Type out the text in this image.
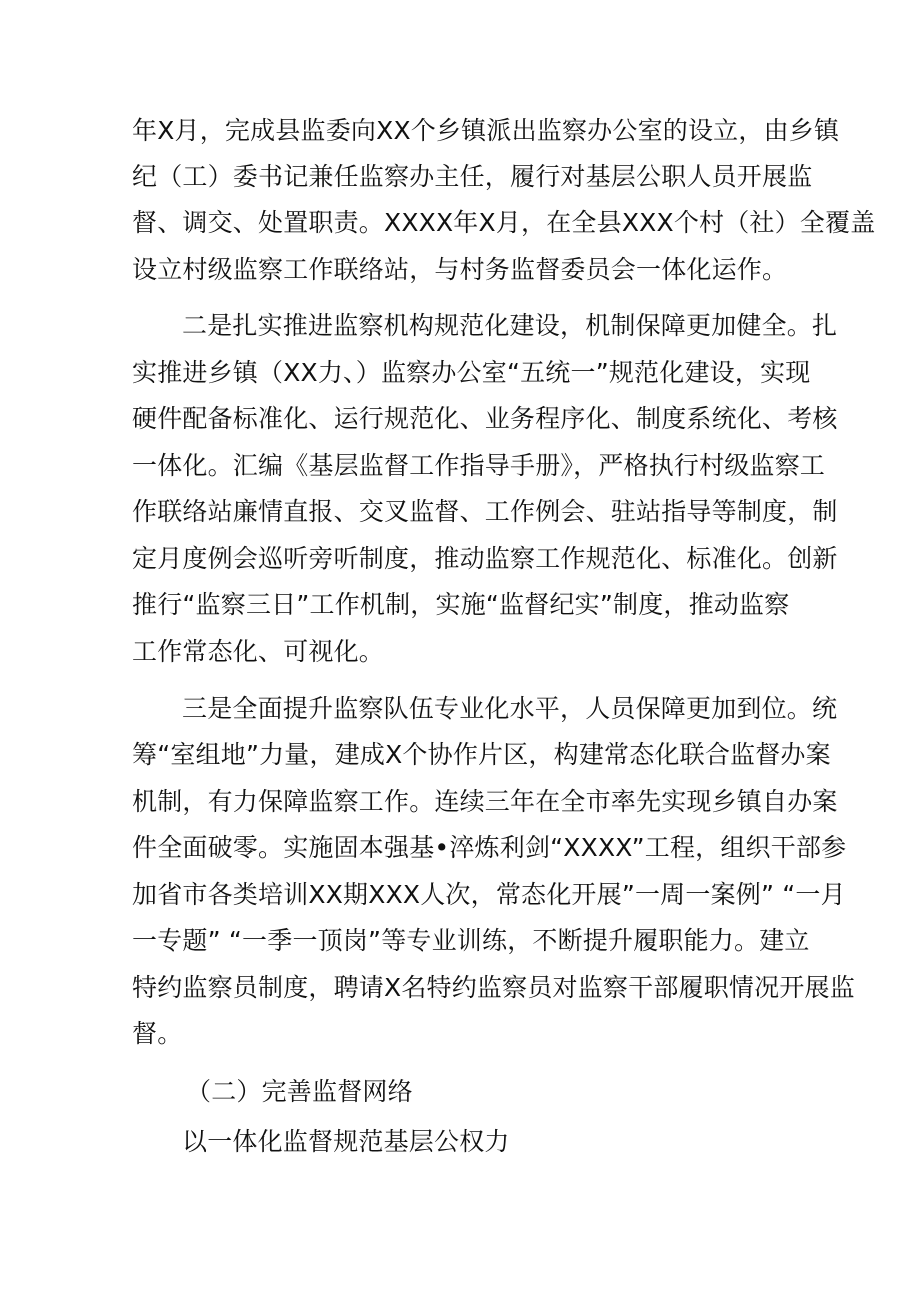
年X月，完成县监委向XX个乡镇派出监察办公室的设立，由乡镇
纪（工）委书记兼任监察办主任，履行对基层公职人员开展监
督、调交、处置职责。XXXX年X月，在全县XXX个村（社）全覆盖
设立村级监察工作联络站，与村务监督委员会一体化运作。
二是扎实推进监察机构规范化建设，机制保障更加健全。扎
实推进乡镇（XX力、）监察办公室“五统一”规范化建设，实现
硬件配备标准化、运行规范化、业务程序化、制度系统化、考核
一体化。汇编《基层监督工作指导手册》，严格执行村级监察工
作联络站廉情直报、交叉监督、工作例会、驻站指导等制度，制
定月度例会巡听旁听制度，推动监察工作规范化、标准化。创新
推行“监察三日”工作机制，实施“监督纪实”制度，推动监察
工作常态化、可视化。
三是全面提升监察队伍专业化水平，人员保障更加到位。统
筹“室组地”力量，建成X个协作片区，构建常态化联合监督办案
机制，有力保障监察工作。连续三年在全市率先实现乡镇自办案
件全面破零。实施固本强基•淬炼利剑“XXXX”工程，组织干部参
加省市各类培训XX期XXX人次，常态化开展”一周一案例” “一月
一专题” “一季一顶岗”等专业训练，不断提升履职能力。建立
特约监察员制度，聘请X名特约监察员对监察干部履职情况开展监
督。
（二）完善监督网络
以一体化监督规范基层公权力
